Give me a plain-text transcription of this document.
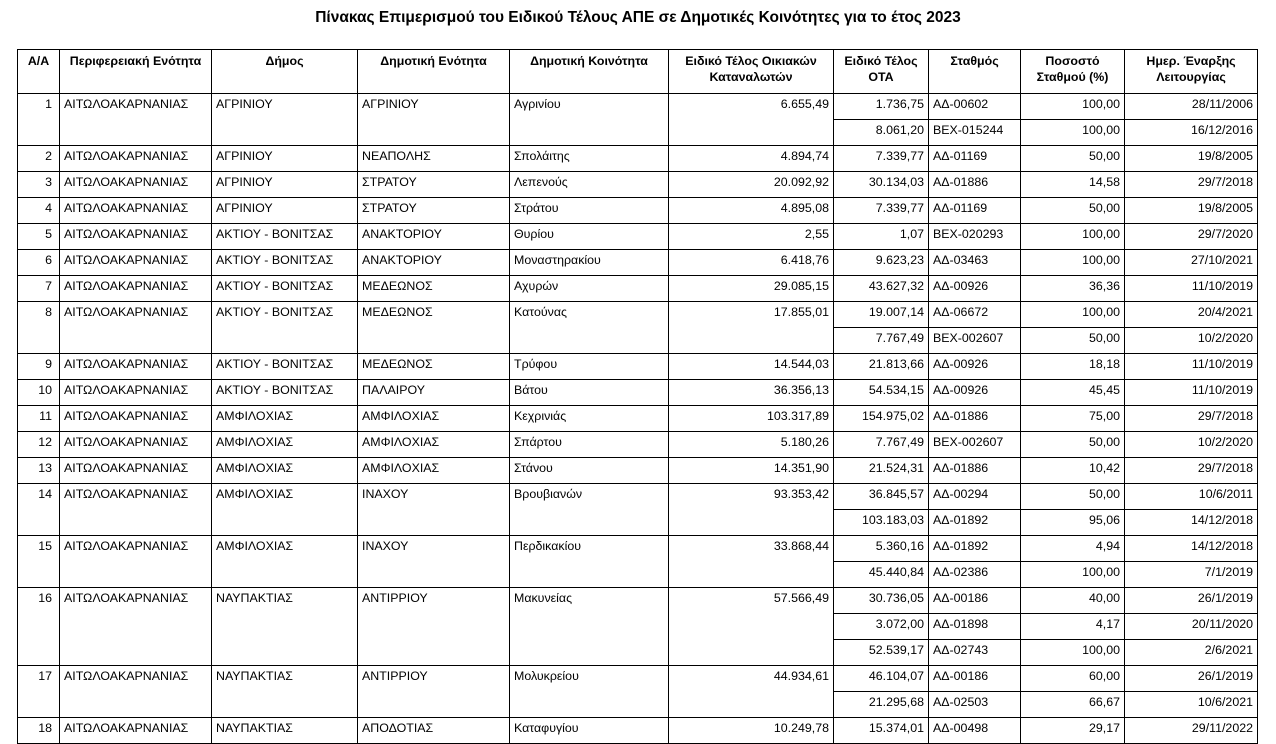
Πίνακας Επιμερισμού του Ειδικού Τέλους ΑΠΕ σε Δημοτικές Κοινότητες για το έτος 2023
Α/Α	Περιφερειακή Ενότητα	Δήμος	Δημοτική Ενότητα	Δημοτική Κοινότητα	Ειδικό Τέλος Οικιακών Καταναλωτών	Ειδικό Τέλος ΟΤΑ	Σταθμός	Ποσοστό Σταθμού (%)	Ημερ. Έναρξης Λειτουργίας
1	ΑΙΤΩΛΟΑΚΑΡΝΑΝΙΑΣ	ΑΓΡΙΝΙΟΥ	ΑΓΡΙΝΙΟΥ	Αγρινίου	6.655,49	1.736,75	ΑΔ-00602	100,00	28/11/2006
						8.061,20	ΒΕΧ-015244	100,00	16/12/2016
2	ΑΙΤΩΛΟΑΚΑΡΝΑΝΙΑΣ	ΑΓΡΙΝΙΟΥ	ΝΕΑΠΟΛΗΣ	Σπολάιτης	4.894,74	7.339,77	ΑΔ-01169	50,00	19/8/2005
3	ΑΙΤΩΛΟΑΚΑΡΝΑΝΙΑΣ	ΑΓΡΙΝΙΟΥ	ΣΤΡΑΤΟΥ	Λεπενούς	20.092,92	30.134,03	ΑΔ-01886	14,58	29/7/2018
4	ΑΙΤΩΛΟΑΚΑΡΝΑΝΙΑΣ	ΑΓΡΙΝΙΟΥ	ΣΤΡΑΤΟΥ	Στράτου	4.895,08	7.339,77	ΑΔ-01169	50,00	19/8/2005
5	ΑΙΤΩΛΟΑΚΑΡΝΑΝΙΑΣ	ΑΚΤΙΟΥ - ΒΟΝΙΤΣΑΣ	ΑΝΑΚΤΟΡΙΟΥ	Θυρίου	2,55	1,07	ΒΕΧ-020293	100,00	29/7/2020
6	ΑΙΤΩΛΟΑΚΑΡΝΑΝΙΑΣ	ΑΚΤΙΟΥ - ΒΟΝΙΤΣΑΣ	ΑΝΑΚΤΟΡΙΟΥ	Μοναστηρακίου	6.418,76	9.623,23	ΑΔ-03463	100,00	27/10/2021
7	ΑΙΤΩΛΟΑΚΑΡΝΑΝΙΑΣ	ΑΚΤΙΟΥ - ΒΟΝΙΤΣΑΣ	ΜΕΔΕΩΝΟΣ	Αχυρών	29.085,15	43.627,32	ΑΔ-00926	36,36	11/10/2019
8	ΑΙΤΩΛΟΑΚΑΡΝΑΝΙΑΣ	ΑΚΤΙΟΥ - ΒΟΝΙΤΣΑΣ	ΜΕΔΕΩΝΟΣ	Κατούνας	17.855,01	19.007,14	ΑΔ-06672	100,00	20/4/2021
						7.767,49	ΒΕΧ-002607	50,00	10/2/2020
9	ΑΙΤΩΛΟΑΚΑΡΝΑΝΙΑΣ	ΑΚΤΙΟΥ - ΒΟΝΙΤΣΑΣ	ΜΕΔΕΩΝΟΣ	Τρύφου	14.544,03	21.813,66	ΑΔ-00926	18,18	11/10/2019
10	ΑΙΤΩΛΟΑΚΑΡΝΑΝΙΑΣ	ΑΚΤΙΟΥ - ΒΟΝΙΤΣΑΣ	ΠΑΛΑΙΡΟΥ	Βάτου	36.356,13	54.534,15	ΑΔ-00926	45,45	11/10/2019
11	ΑΙΤΩΛΟΑΚΑΡΝΑΝΙΑΣ	ΑΜΦΙΛΟΧΙΑΣ	ΑΜΦΙΛΟΧΙΑΣ	Κεχρινιάς	103.317,89	154.975,02	ΑΔ-01886	75,00	29/7/2018
12	ΑΙΤΩΛΟΑΚΑΡΝΑΝΙΑΣ	ΑΜΦΙΛΟΧΙΑΣ	ΑΜΦΙΛΟΧΙΑΣ	Σπάρτου	5.180,26	7.767,49	ΒΕΧ-002607	50,00	10/2/2020
13	ΑΙΤΩΛΟΑΚΑΡΝΑΝΙΑΣ	ΑΜΦΙΛΟΧΙΑΣ	ΑΜΦΙΛΟΧΙΑΣ	Στάνου	14.351,90	21.524,31	ΑΔ-01886	10,42	29/7/2018
14	ΑΙΤΩΛΟΑΚΑΡΝΑΝΙΑΣ	ΑΜΦΙΛΟΧΙΑΣ	ΙΝΑΧΟΥ	Βρουβιανών	93.353,42	36.845,57	ΑΔ-00294	50,00	10/6/2011
						103.183,03	ΑΔ-01892	95,06	14/12/2018
15	ΑΙΤΩΛΟΑΚΑΡΝΑΝΙΑΣ	ΑΜΦΙΛΟΧΙΑΣ	ΙΝΑΧΟΥ	Περδικακίου	33.868,44	5.360,16	ΑΔ-01892	4,94	14/12/2018
						45.440,84	ΑΔ-02386	100,00	7/1/2019
16	ΑΙΤΩΛΟΑΚΑΡΝΑΝΙΑΣ	ΝΑΥΠΑΚΤΙΑΣ	ΑΝΤΙΡΡΙΟΥ	Μακυνείας	57.566,49	30.736,05	ΑΔ-00186	40,00	26/1/2019
						3.072,00	ΑΔ-01898	4,17	20/11/2020
						52.539,17	ΑΔ-02743	100,00	2/6/2021
17	ΑΙΤΩΛΟΑΚΑΡΝΑΝΙΑΣ	ΝΑΥΠΑΚΤΙΑΣ	ΑΝΤΙΡΡΙΟΥ	Μολυκρείου	44.934,61	46.104,07	ΑΔ-00186	60,00	26/1/2019
						21.295,68	ΑΔ-02503	66,67	10/6/2021
18	ΑΙΤΩΛΟΑΚΑΡΝΑΝΙΑΣ	ΝΑΥΠΑΚΤΙΑΣ	ΑΠΟΔΟΤΙΑΣ	Καταφυγίου	10.249,78	15.374,01	ΑΔ-00498	29,17	29/11/2022
